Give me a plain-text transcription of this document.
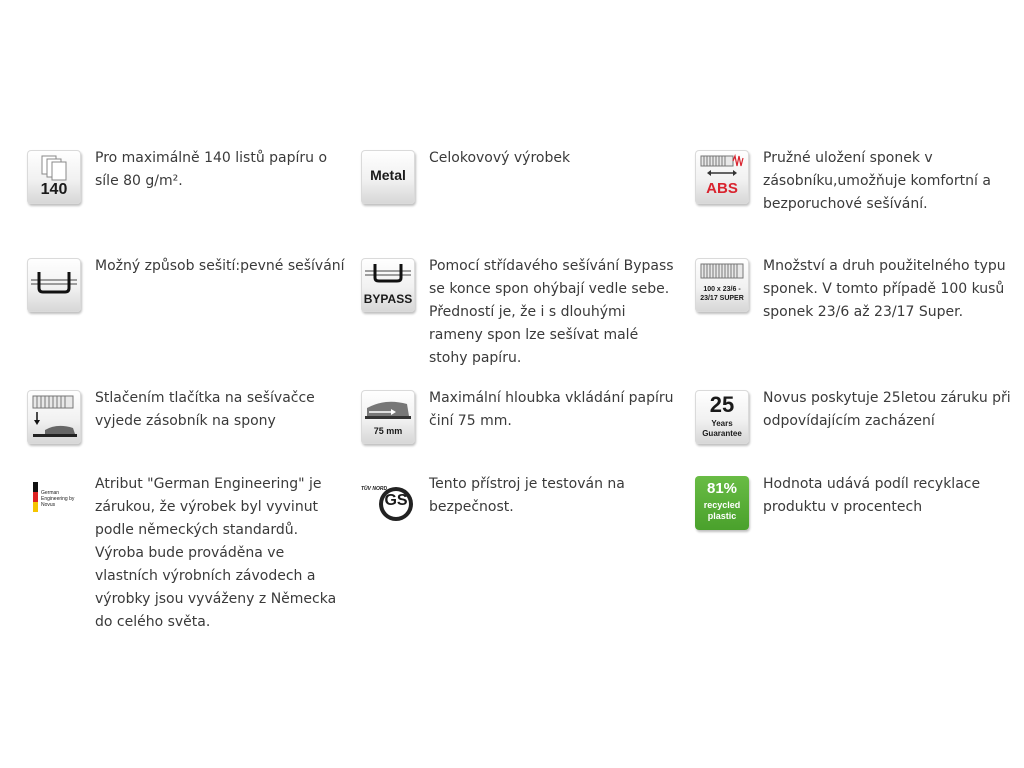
140
Pro maximálně 140 listů papíru o síle 80 g/m².	Metal
Celokovový výrobek
ABS
Pružné uložení sponek v zásobníku,umožňuje komfortní a bezporuchové sešívání.
Možný způsob sešití:pevné sešívání
BYPASS
Pomocí střídavého sešívání Bypass se konce spon ohýbají vedle sebe. Předností je, že i s dlouhými rameny spon lze sešívat malé stohy papíru.
100 x 23/6 - 23/17 SUPER
Množství a druh použitelného typu sponek. V tomto případě 100 kusů sponek 23/6 až 23/17 Super.
Stlačením tlačítka na sešívačce vyjede zásobník na spony
75 mm
Maximální hloubka vkládání papíru činí 75 mm.
25
Years
Guarantee
Novus poskytuje 25letou záruku při odpovídajícím zacházení
German Engineering by Novus
Atribut "German Engineering" je zárukou, že výrobek byl vyvinut podle německých standardů. Výroba bude prováděna ve vlastních výrobních závodech a výrobky jsou vyváženy z Německa do celého světa.
TÜV NORD
GS
Tento přístroj je testován na bezpečnost.
81%
recycled
plastic
Hodnota udává podíl recyklace produktu v procentech
